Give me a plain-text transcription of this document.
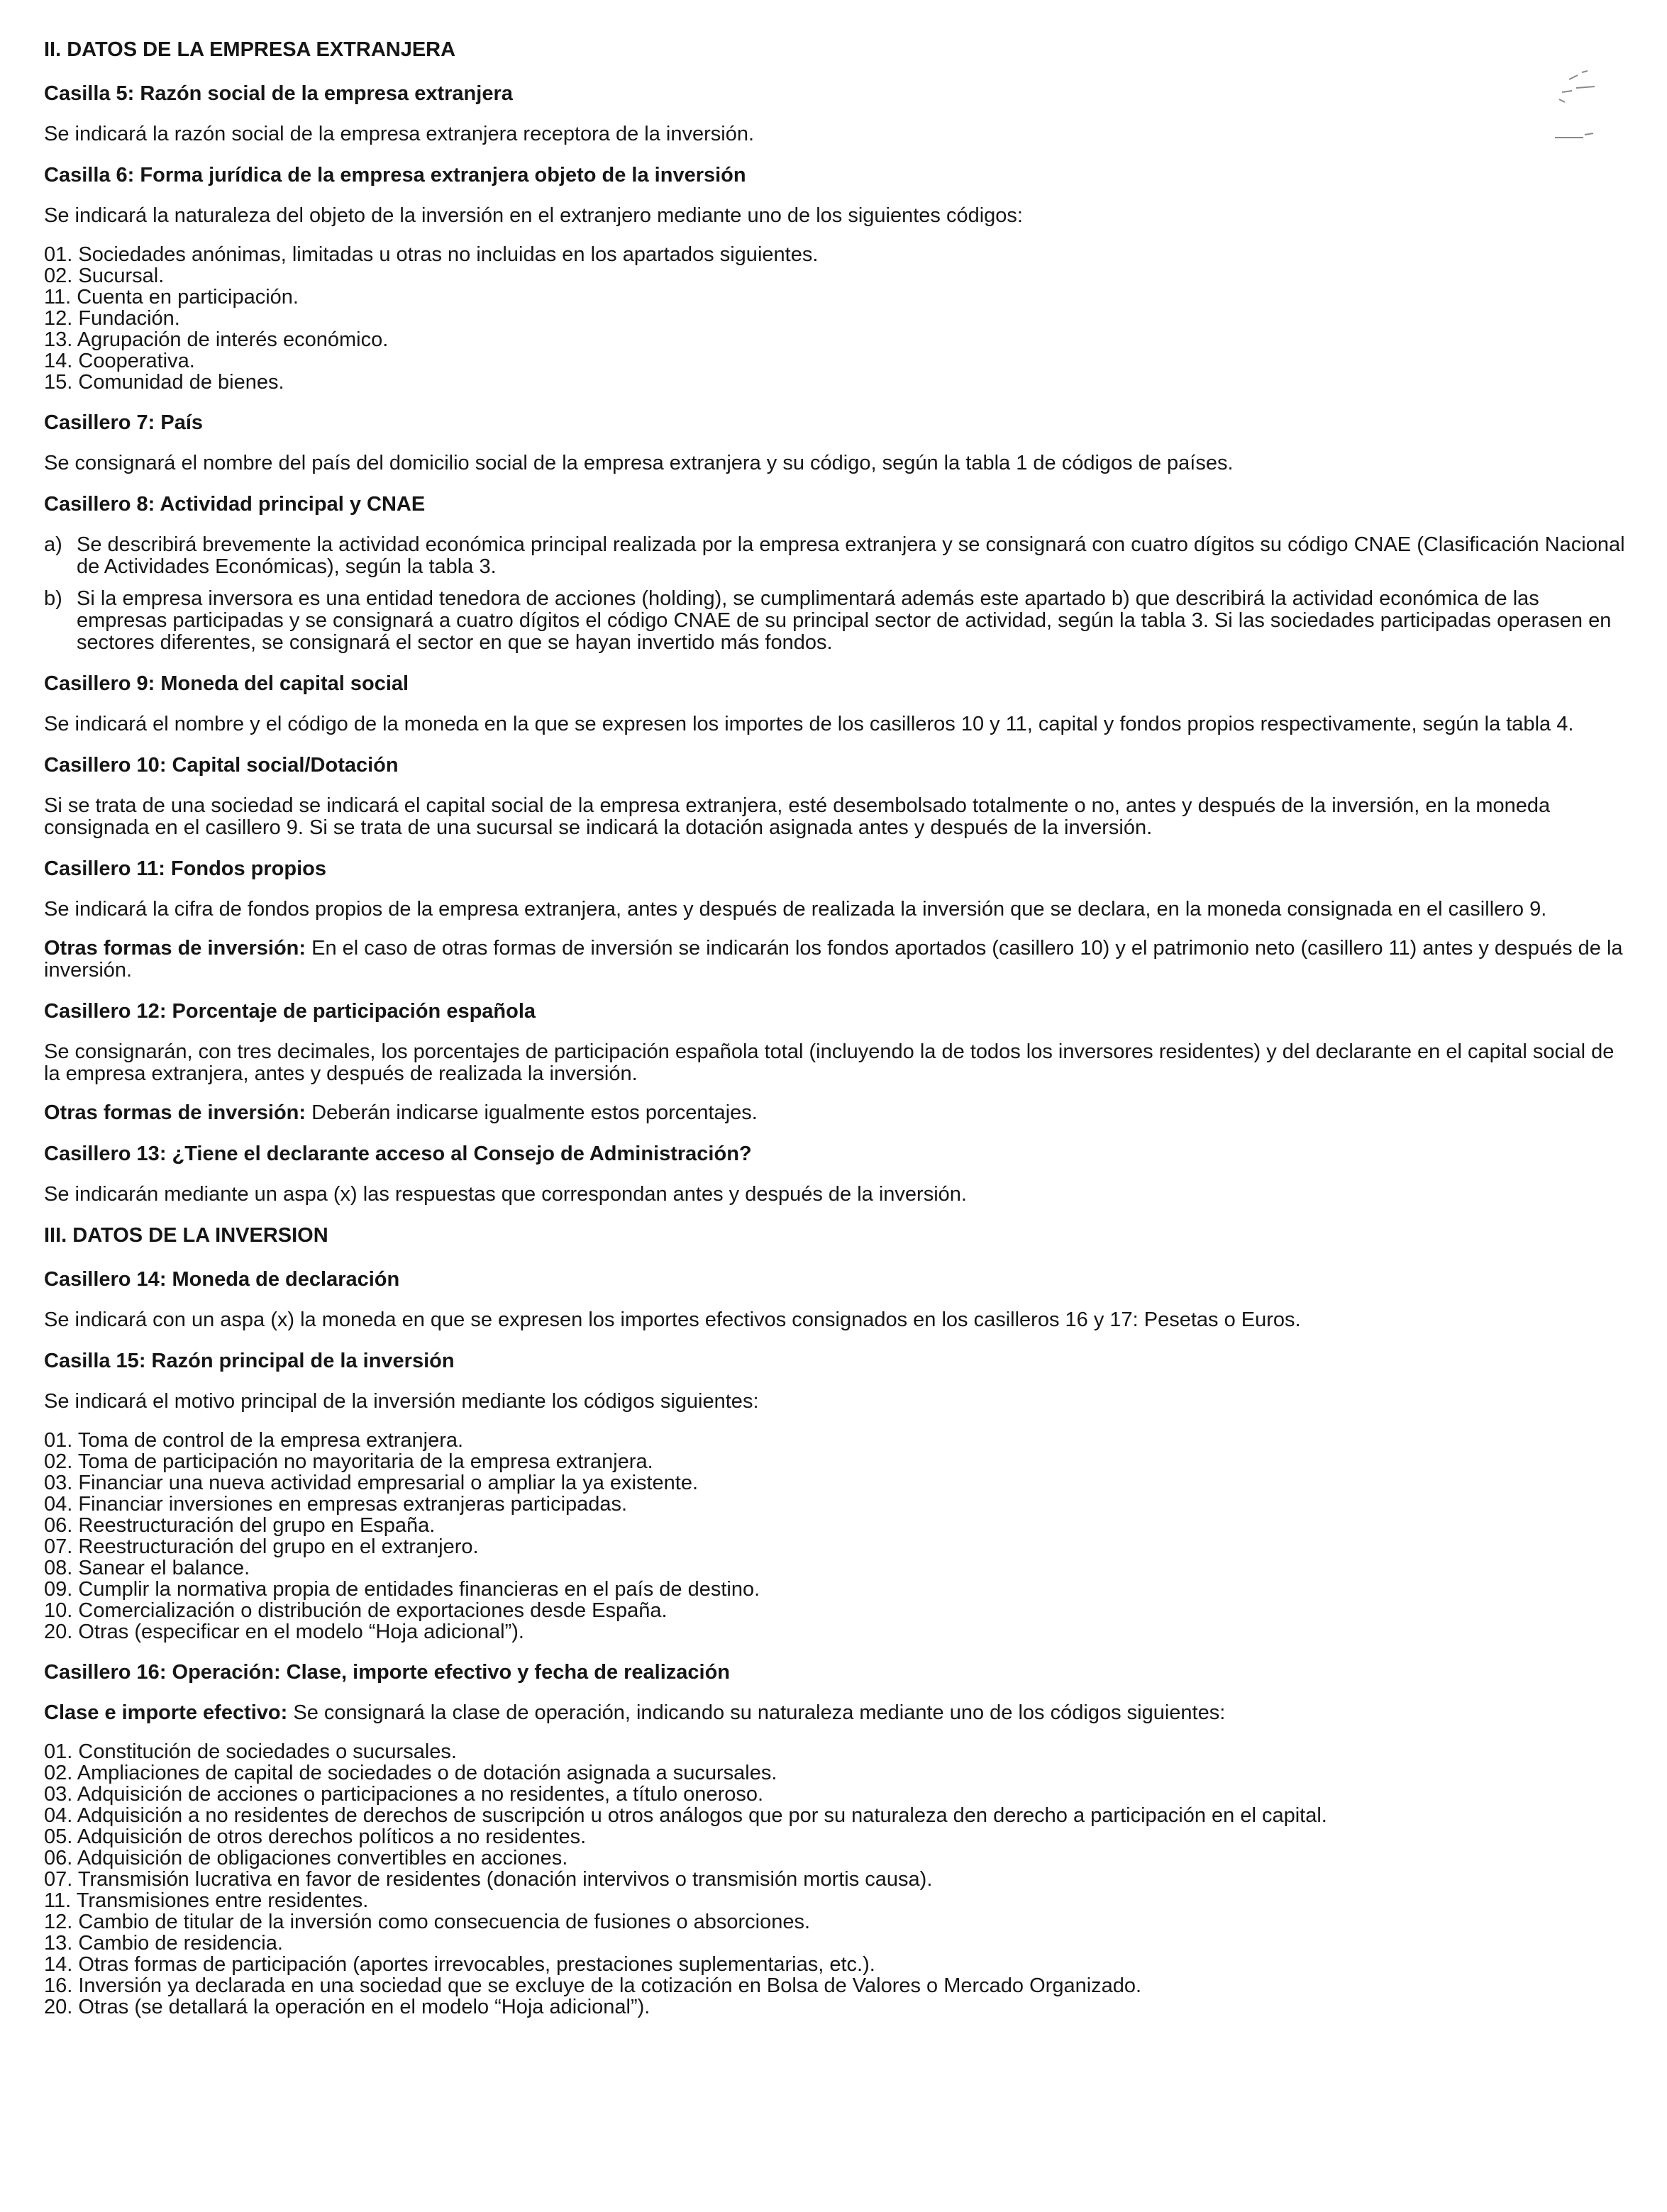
II. DATOS DE LA EMPRESA EXTRANJERA
Casilla 5: Razón social de la empresa extranjera

Se indicará la razón social de la empresa extranjera receptora de la inversión.

Casilla 6: Forma jurídica de la empresa extranjera objeto de la inversión

Se indicará la naturaleza del objeto de la inversión en el extranjero mediante uno de los siguientes códigos:

01. Sociedades anónimas, limitadas u otras no incluidas en los apartados siguientes.
02. Sucursal.
11. Cuenta en participación.
12. Fundación.
13. Agrupación de interés económico.
14. Cooperativa.
15. Comunidad de bienes.
Casillero 7: País

Se consignará el nombre del país del domicilio social de la empresa extranjera y su código, según la tabla 1 de códigos de países.

Casillero 8: Actividad principal y CNAE
a) Se describirá brevemente la actividad económica principal realizada por la empresa extranjera y se consignará con cuatro dígitos su código CNAE (Clasificación Nacional de Actividades Económicas), según la tabla 3.
b) Si la empresa inversora es una entidad tenedora de acciones (holding), se cumplimentará además este apartado b) que describirá la actividad económica de las empresas participadas y se consignará a cuatro dígitos el código CNAE de su principal sector de actividad, según la tabla 3. Si las sociedades participadas operasen en sectores diferentes, se consignará el sector en que se hayan invertido más fondos.
Casillero 9: Moneda del capital social

Se indicará el nombre y el código de la moneda en la que se expresen los importes de los casilleros 10 y 11, capital y fondos propios respectivamente, según la tabla 4.

Casillero 10: Capital social/Dotación

Si se trata de una sociedad se indicará el capital social de la empresa extranjera, esté desembolsado totalmente o no, antes y después de la inversión, en la moneda consignada en el casillero 9. Si se trata de una sucursal se indicará la dotación asignada antes y después de la inversión.

Casillero 11: Fondos propios

Se indicará la cifra de fondos propios de la empresa extranjera, antes y después de realizada la inversión que se declara, en la moneda consignada en el casillero 9.

Otras formas de inversión: En el caso de otras formas de inversión se indicarán los fondos aportados (casillero 10) y el patrimonio neto (casillero 11) antes y después de la inversión.

Casillero 12: Porcentaje de participación española

Se consignarán, con tres decimales, los porcentajes de participación española total (incluyendo la de todos los inversores residentes) y del declarante en el capital social de la empresa extranjera, antes y después de realizada la inversión.

Otras formas de inversión: Deberán indicarse igualmente estos porcentajes.

Casillero 13: ¿Tiene el declarante acceso al Consejo de Administración?

Se indicarán mediante un aspa (x) las respuestas que correspondan antes y después de la inversión.

III. DATOS DE LA INVERSION
Casillero 14: Moneda de declaración

Se indicará con un aspa (x) la moneda en que se expresen los importes efectivos consignados en los casilleros 16 y 17: Pesetas o Euros.

Casilla 15: Razón principal de la inversión

Se indicará el motivo principal de la inversión mediante los códigos siguientes:

01. Toma de control de la empresa extranjera.
02. Toma de participación no mayoritaria de la empresa extranjera.
03. Financiar una nueva actividad empresarial o ampliar la ya existente.
04. Financiar inversiones en empresas extranjeras participadas.
06. Reestructuración del grupo en España.
07. Reestructuración del grupo en el extranjero.
08. Sanear el balance.
09. Cumplir la normativa propia de entidades financieras en el país de destino.
10. Comercialización o distribución de exportaciones desde España.
20. Otras (especificar en el modelo “Hoja adicional”).
Casillero 16: Operación: Clase, importe efectivo y fecha de realización

Clase e importe efectivo: Se consignará la clase de operación, indicando su naturaleza mediante uno de los códigos siguientes:

01. Constitución de sociedades o sucursales.
02. Ampliaciones de capital de sociedades o de dotación asignada a sucursales.
03. Adquisición de acciones o participaciones a no residentes, a título oneroso.
04. Adquisición a no residentes de derechos de suscripción u otros análogos que por su naturaleza den derecho a participación en el capital.
05. Adquisición de otros derechos políticos a no residentes.
06. Adquisición de obligaciones convertibles en acciones.
07. Transmisión lucrativa en favor de residentes (donación intervivos o transmisión mortis causa).
11. Transmisiones entre residentes.
12. Cambio de titular de la inversión como consecuencia de fusiones o absorciones.
13. Cambio de residencia.
14. Otras formas de participación (aportes irrevocables, prestaciones suplementarias, etc.).
16. Inversión ya declarada en una sociedad que se excluye de la cotización en Bolsa de Valores o Mercado Organizado.
20. Otras (se detallará la operación en el modelo “Hoja adicional”).
